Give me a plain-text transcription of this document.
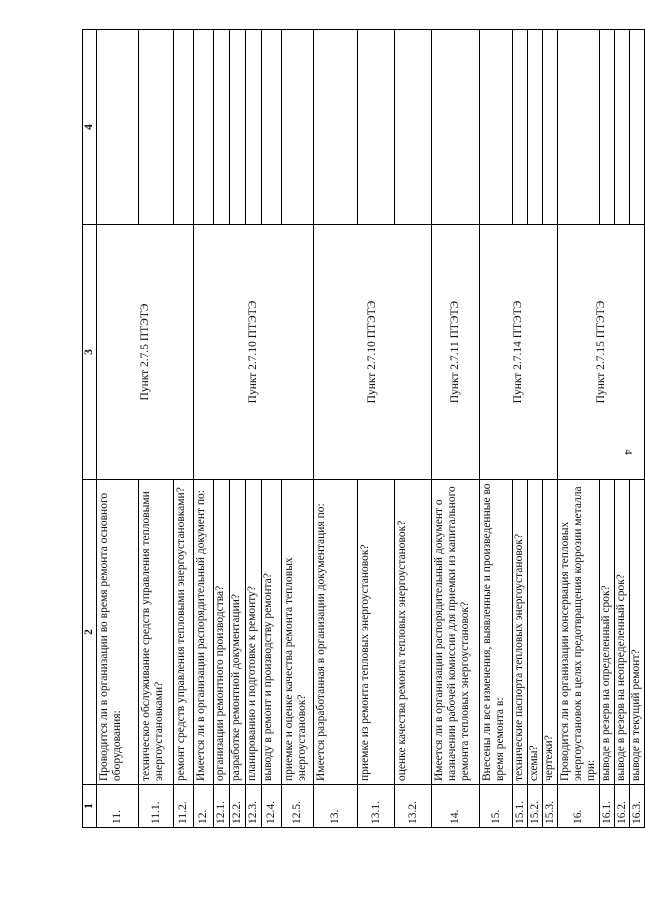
4
1	2	3	4
11.	Проводится ли в организации во время ремонта основного оборудования:	Пункт 2.7.5 ПТЭТЭ	
11.1.	техническое обслуживание средств управления тепловыми энергоустановками?		
11.2.	ремонт средств управления тепловыми энергоустановками?		
12.	Имеется ли в организации распорядительный документ по:	Пункт 2.7.10 ПТЭТЭ	
12.1.	организации ремонтного производства?		
12.2.	разработке ремонтной документации?		
12.3.	планированию и подготовке к ремонту?		
12.4.	выводу в ремонт и производству ремонта?		
12.5.	приемке и оценке качества ремонта тепловых энергоустановок?		
13.	Имеется разработанная в организации документация по:	Пункт 2.7.10 ПТЭТЭ	
13.1.	приемке из ремонта тепловых энергоустановок?		
13.2.	оценке качества ремонта тепловых энергоустановок?		
14.	Имеется ли в организации распорядительный документ о назначении рабочей комиссии для приемки из капитального ремонта тепловых энергоустановок?	Пункт 2.7.11 ПТЭТЭ	
15.	Внесены ли все изменения, выявленные и произведенные во время ремонта в:	Пункт 2.7.14 ПТЭТЭ	
15.1.	технические паспорта тепловых энергоустановок?		
15.2.	схемы?		
15.3.	чертежи?		
16.	Проводится ли в организации консервация тепловых энергоустановок в целях предотвращения коррозии металла при:	Пункт 2.7.15 ПТЭТЭ	
16.1.	выводе в резерв на определенный срок?		
16.2.	выводе в резерв на неопределенный срок?		
16.3.	выводе в текущий ремонт?		
